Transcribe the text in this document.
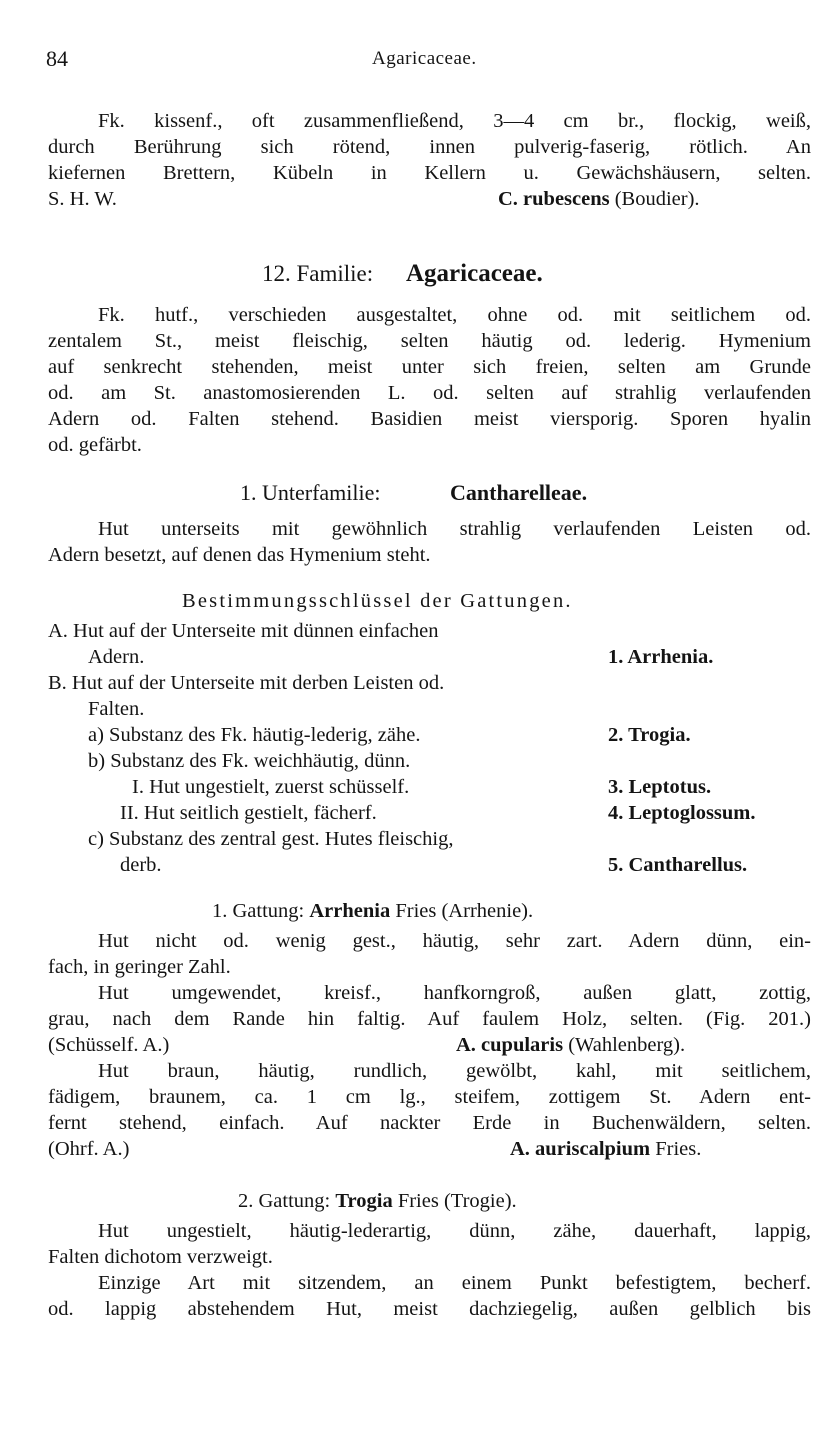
84	Agaricaceae.
Fk. kissenf., oft zusammenfließend, 3—4 cm br., flockig, weiß,
durch Berührung sich rötend, innen pulverig-faserig, rötlich. An
kiefernen Brettern, Kübeln in Kellern u. Gewächshäusern, selten.
S. H. W.	C. rubescens (Boudier).
12. Familie: Agaricaceae.
Fk. hutf., verschieden ausgestaltet, ohne od. mit seitlichem od.
zentalem St., meist fleischig, selten häutig od. lederig. Hymenium
auf senkrecht stehenden, meist unter sich freien, selten am Grunde
od. am St. anastomosierenden L. od. selten auf strahlig verlaufenden
Adern od. Falten stehend. Basidien meist viersporig. Sporen hyalin
od. gefärbt.
1. Unterfamilie:	Cantharelleae.
Hut unterseits mit gewöhnlich strahlig verlaufenden Leisten od.
Adern besetzt, auf denen das Hymenium steht.
Bestimmungsschlüssel der Gattungen.
A. Hut auf der Unterseite mit dünnen einfachen
Adern.	1. Arrhenia.
B. Hut auf der Unterseite mit derben Leisten od.
Falten.
a) Substanz des Fk. häutig-lederig, zähe.	2. Trogia.
b) Substanz des Fk. weichhäutig, dünn.
I. Hut ungestielt, zuerst schüsself.	3. Leptotus.
II. Hut seitlich gestielt, fächerf.	4. Leptoglossum.
c) Substanz des zentral gest. Hutes fleischig,
derb.	5. Cantharellus.
1. Gattung: Arrhenia Fries (Arrhenie).
Hut nicht od. wenig gest., häutig, sehr zart. Adern dünn, ein-
fach, in geringer Zahl.
Hut umgewendet, kreisf., hanfkorngroß, außen glatt, zottig,
grau, nach dem Rande hin faltig. Auf faulem Holz, selten. (Fig. 201.)
(Schüsself. A.)	A. cupularis (Wahlenberg).
Hut braun, häutig, rundlich, gewölbt, kahl, mit seitlichem,
fädigem, braunem, ca. 1 cm lg., steifem, zottigem St. Adern ent-
fernt stehend, einfach. Auf nackter Erde in Buchenwäldern, selten.
(Ohrf. A.)	A. auriscalpium Fries.
2. Gattung: Trogia Fries (Trogie).
Hut ungestielt, häutig-lederartig, dünn, zähe, dauerhaft, lappig,
Falten dichotom verzweigt.
Einzige Art mit sitzendem, an einem Punkt befestigtem, becherf.
od. lappig abstehendem Hut, meist dachziegelig, außen gelblich bis
